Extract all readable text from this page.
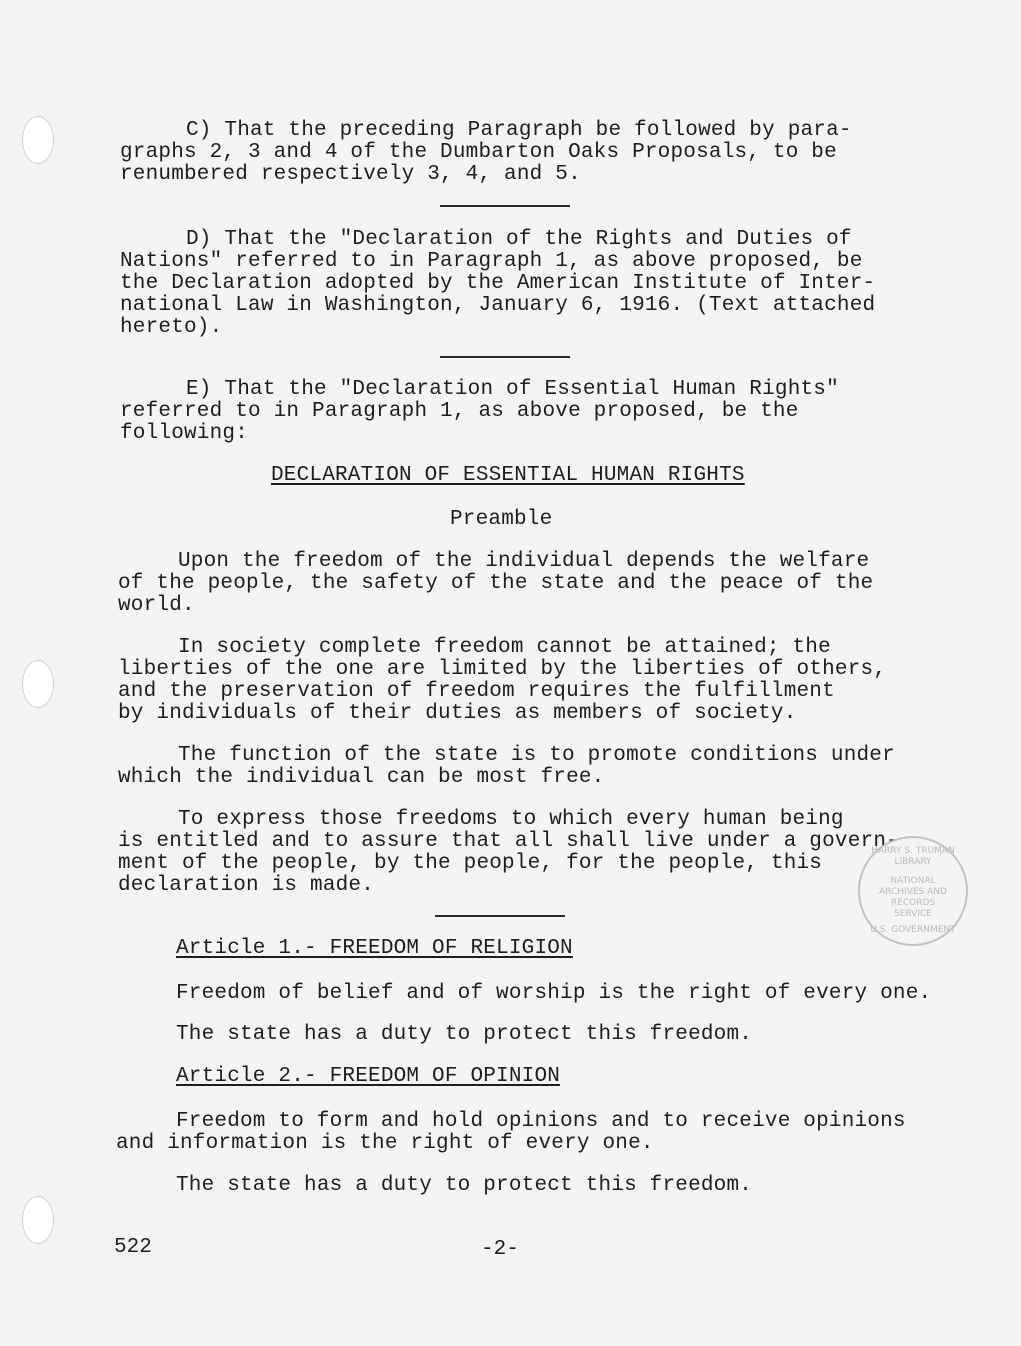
C) That the preceding Paragraph be followed by para-
graphs 2, 3 and 4 of the Dumbarton Oaks Proposals, to be
renumbered respectively 3, 4, and 5.
D) That the "Declaration of the Rights and Duties of
Nations" referred to in Paragraph 1, as above proposed, be
the Declaration adopted by the American Institute of Inter-
national Law in Washington, January 6, 1916. (Text attached
hereto).
E) That the "Declaration of Essential Human Rights"
referred to in Paragraph 1, as above proposed, be the
following:
DECLARATION OF ESSENTIAL HUMAN RIGHTS
Preamble
Upon the freedom of the individual depends the welfare
of the people, the safety of the state and the peace of the
world.
In society complete freedom cannot be attained; the
liberties of the one are limited by the liberties of others,
and the preservation of freedom requires the fulfillment
by individuals of their duties as members of society.
The function of the state is to promote conditions under
which the individual can be most free.
To express those freedoms to which every human being
is entitled and to assure that all shall live under a govern-
ment of the people, by the people, for the people, this
declaration is made.
Article 1.- FREEDOM OF RELIGION
Freedom of belief and of worship is the right of every one.
The state has a duty to protect this freedom.
Article 2.- FREEDOM OF OPINION
Freedom to form and hold opinions and to receive opinions
and information is the right of every one.
The state has a duty to protect this freedom.
HARRY S. TRUMAN LIBRARY
NATIONAL
ARCHIVES AND
RECORDS
SERVICE
U.S. GOVERNMENT
522	-2-
